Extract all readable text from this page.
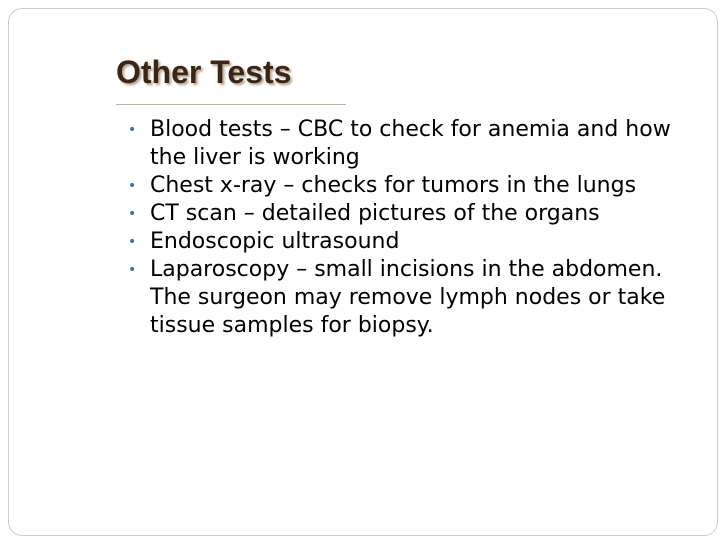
Other Tests
• Blood tests – CBC to check for anemia and how the liver is working
• Chest x-ray – checks for tumors in the lungs
• CT scan – detailed pictures of the organs
• Endoscopic ultrasound
• Laparoscopy – small incisions in the abdomen. The surgeon may remove lymph nodes or take tissue samples for biopsy.
